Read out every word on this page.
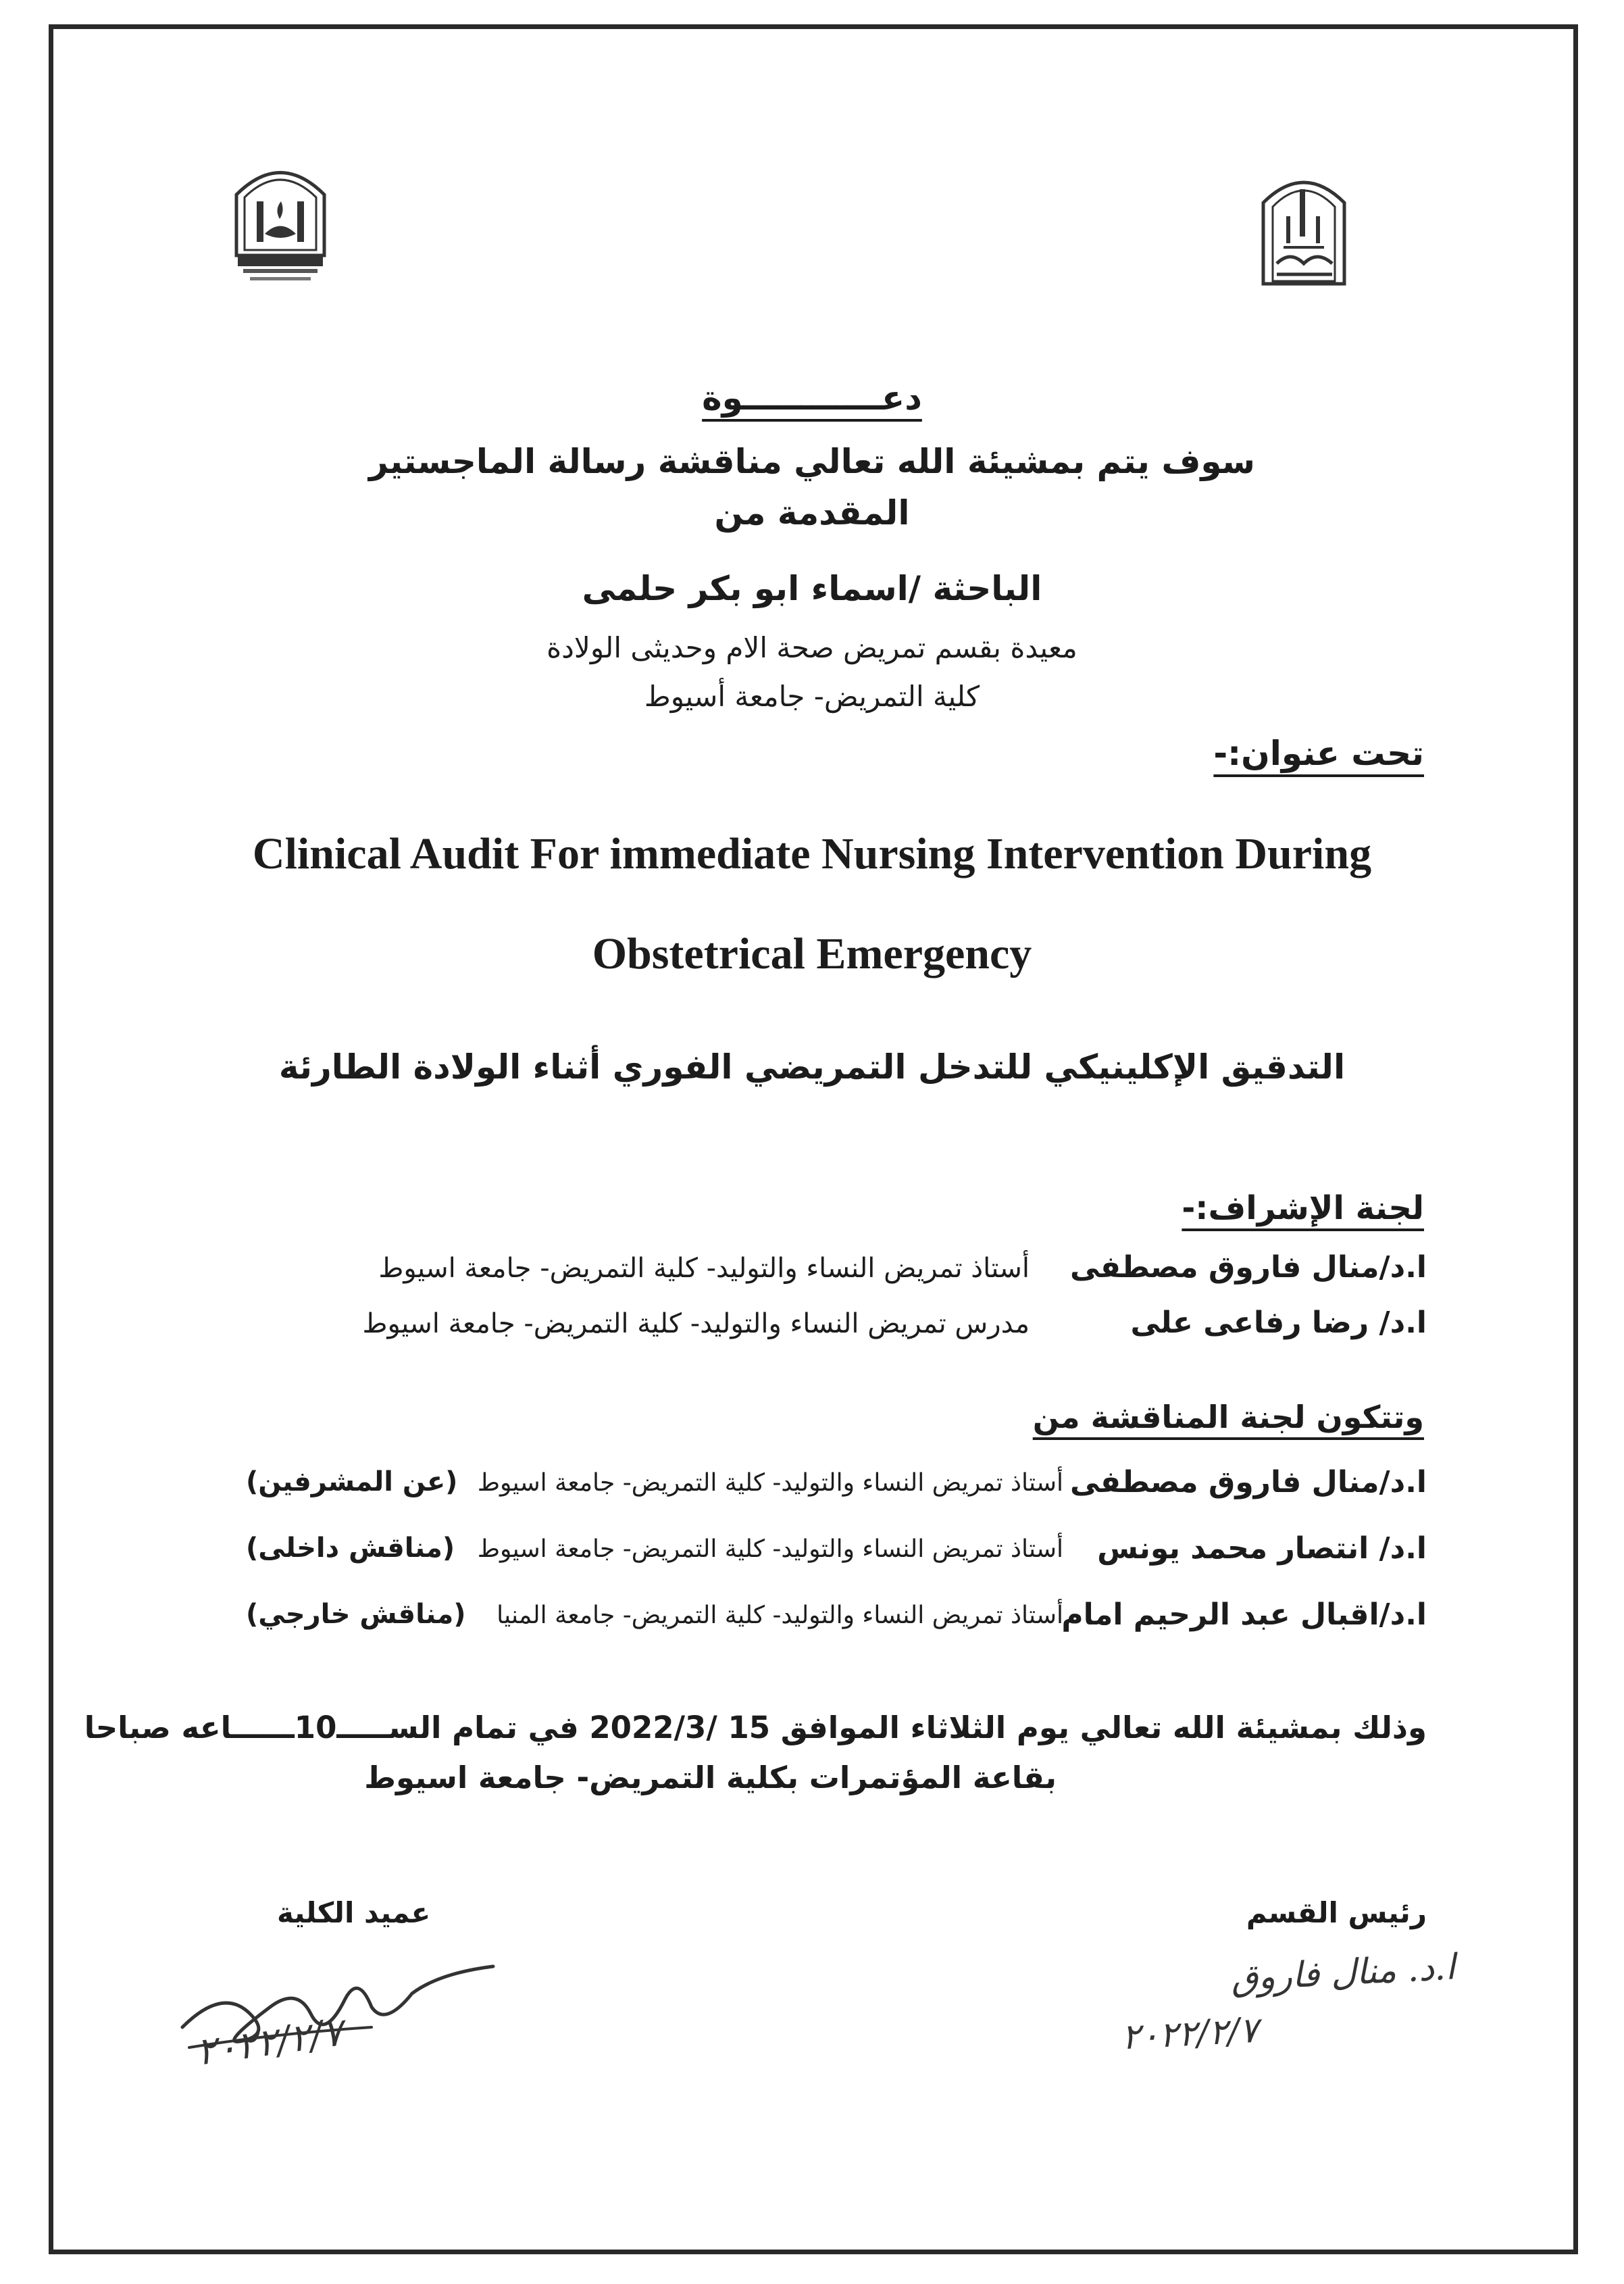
دعــــــــــــوة
سوف يتم بمشيئة الله تعالي مناقشة رسالة الماجستير
المقدمة من
الباحثة /اسماء ابو بكر حلمى
معيدة بقسم تمريض صحة الام وحديثى الولادة
كلية التمريض- جامعة أسيوط
تحت عنوان:-
Clinical Audit For immediate Nursing Intervention During
Obstetrical Emergency
التدقيق الإكلينيكي للتدخل التمريضي الفوري أثناء الولادة الطارئة
لجنة الإشراف:-
ا.د/منال فاروق مصطفى
أستاذ تمريض النساء والتوليد- كلية التمريض- جامعة اسيوط
ا.د/ رضا رفاعى على
مدرس تمريض النساء والتوليد- كلية التمريض- جامعة اسيوط
وتتكون لجنة المناقشة من
ا.د/منال فاروق مصطفى
أستاذ تمريض النساء والتوليد- كلية التمريض- جامعة اسيوط
(عن المشرفين)
ا.د/ انتصار محمد يونس
أستاذ تمريض النساء والتوليد- كلية التمريض- جامعة اسيوط
(مناقش داخلى)
ا.د/اقبال عبد الرحيم امام
أستاذ تمريض النساء والتوليد- كلية التمريض- جامعة المنيا
(مناقش خارجي)
وذلك بمشيئة الله تعالي يوم الثلاثاء الموافق 15 /2022/3 في تمام الســـــ10ــــــاعه صباحا
بقاعة المؤتمرات بكلية التمريض- جامعة اسيوط
عميد الكلية	رئيس القسم
٢٠٢٢/٢/٧
ا.د. منال فاروق
٢٠٢٢/٢/٧
